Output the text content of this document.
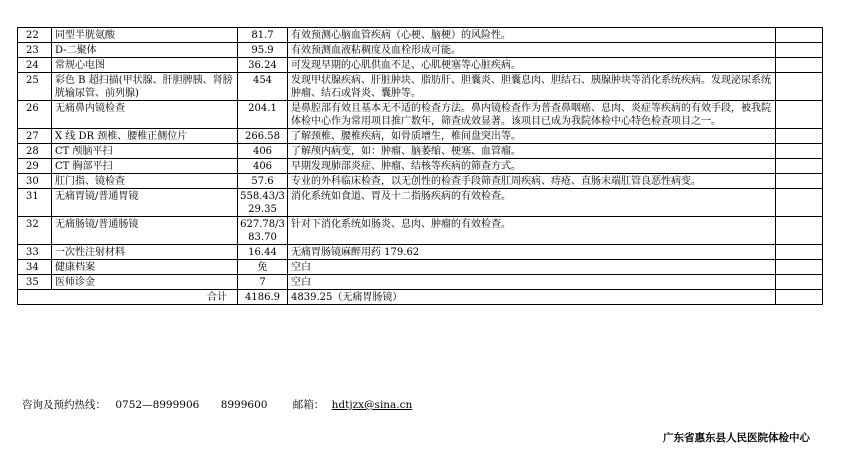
22	同型半胱氨酸	81.7	有效预测心脑血管疾病（心梗、脑梗）的风险性。	
23	D-二聚体	95.9	有效预测血液粘稠度及血栓形成可能。	
24	常规心电图	36.24	可发现早期的心肌供血不足、心肌梗塞等心脏疾病。	
25	彩色 B 超扫描(甲状腺、肝胆脾胰、肾膀胱输尿管、前列腺)	454	发现甲状腺疾病、肝脏肿块、脂肪肝、胆囊炎、胆囊息肉、胆结石、胰腺肿块等消化系统疾病。发现泌尿系统肿瘤、结石或肾炎、囊肿等。	
26	无痛鼻内镜检查	204.1	是鼻腔部有效且基本无不适的检查方法。鼻内镜检查作为普查鼻咽癌、息肉、炎症等疾病的有效手段，被我院体检中心作为常用项目推广数年，筛查成效显著。该项目已成为我院体检中心特色检查项目之一。	
27	X 线 DR 颈椎、腰椎正侧位片	266.58	了解颈椎、腰椎疾病，如骨质增生，椎间盘突出等。	
28	CT 颅脑平扫	406	了解颅内病变，如：肿瘤、脑萎缩、梗塞、血管瘤。	
29	CT 胸部平扫	406	早期发现肺部炎症、肿瘤、结核等疾病的筛查方式。	
30	肛门指、镜检查	57.6	专业的外科临床检查，以无创性的检查手段筛查肛周疾病、痔疮、直肠末端肛管良恶性病变。	
31	无痛胃镜/普通胃镜	558.43/329.35	消化系统如食道、胃及十二指肠疾病的有效检查。	
32	无痛肠镜/普通肠镜	627.78/383.70	针对下消化系统如肠炎、息肉、肿瘤的有效检查。	
33	一次性注射材料	16.44	无痛胃肠镜麻醉用药 179.62	
34	健康档案	免	空白	
35	医师诊金	7	空白	
合计		4186.9	4839.25（无痛胃肠镜）	
咨询及预约热线： 0752—8999906 8999600 邮箱： hdtjzx@sina.cn
广东省惠东县人民医院体检中心
